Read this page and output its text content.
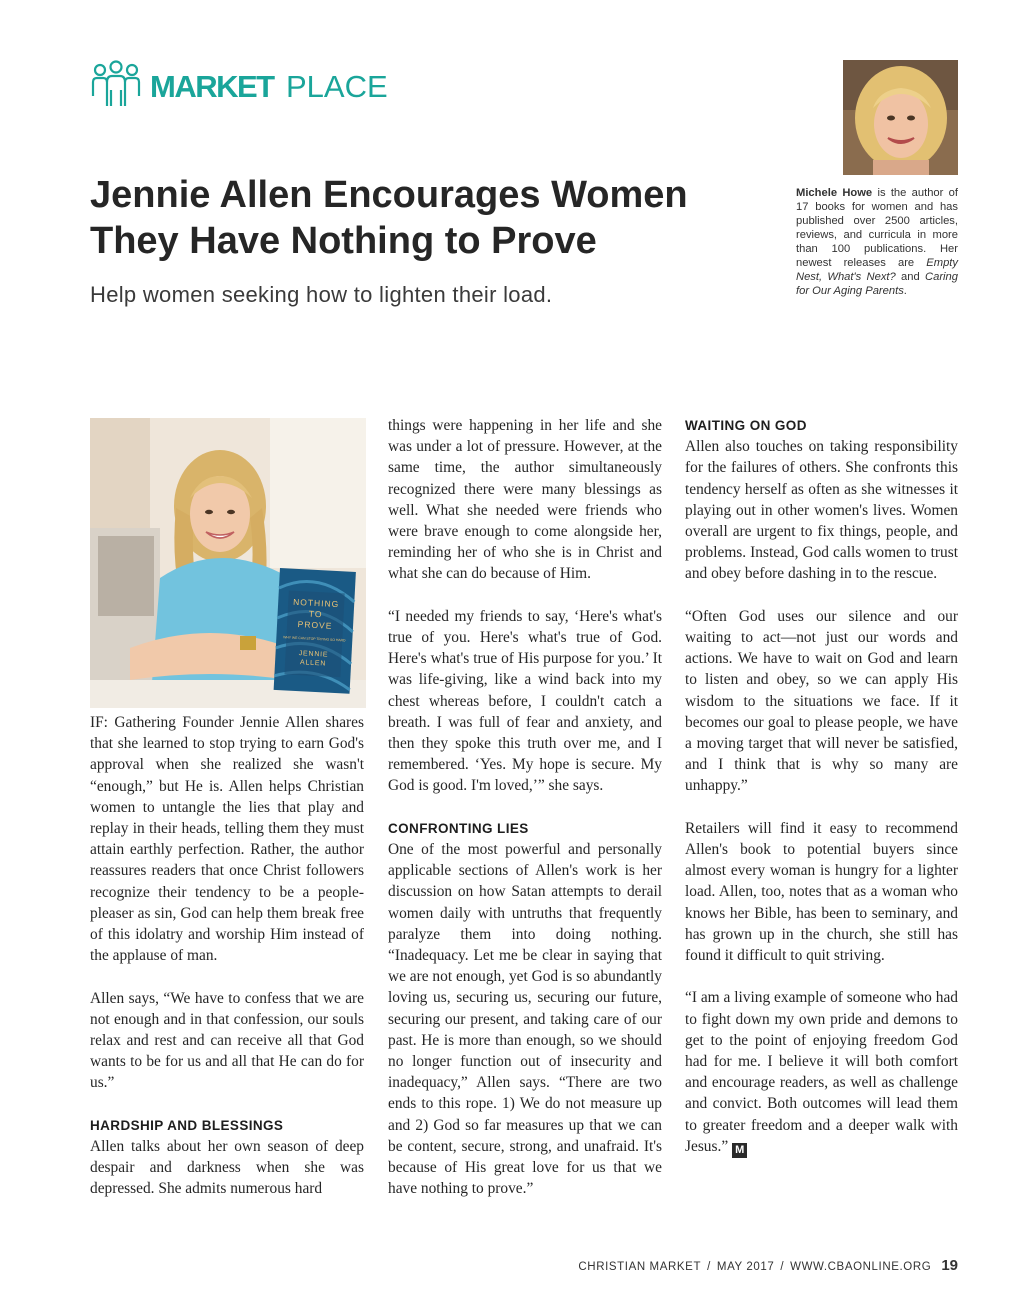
MARKET PLACE
Jennie Allen Encourages Women
They Have Nothing to Prove
Help women seeking how to lighten their load.
Michele Howe is the author of 17 books for women and has published over 2500 articles, reviews, and curricula in more than 100 publications. Her newest releases are Empty Nest, What's Next? and Caring for Our Aging Parents.
NOTHING
TO
PROVE
WHY WE CAN STOP TRYING SO HARD
JENNIE
ALLEN

IF: Gathering Founder Jennie Allen shares that she learned to stop trying to earn God's approval when she realized she wasn't “enough,” but He is. Allen helps Christian women to untangle the lies that play and replay in their heads, telling them they must attain earthly perfection. Rather, the author reassures readers that once Christ followers recognize their tendency to be a people-pleaser as sin, God can help them break free of this idolatry and worship Him instead of the applause of man.

Allen says, “We have to confess that we are not enough and in that confession, our souls relax and rest and can receive all that God wants to be for us and all that He can do for us.”

HARDSHIP AND BLESSINGS

Allen talks about her own season of deep despair and darkness when she was depressed. She admits numerous hard

things were happening in her life and she was under a lot of pressure. However, at the same time, the author simultaneously recognized there were many blessings as well. What she needed were friends who were brave enough to come alongside her, reminding her of who she is in Christ and what she can do because of Him.

“I needed my friends to say, ‘Here's what's true of you. Here's what's true of God. Here's what's true of His purpose for you.’ It was life-giving, like a wind back into my chest whereas before, I couldn't catch a breath. I was full of fear and anxiety, and then they spoke this truth over me, and I remembered. ‘Yes. My hope is secure. My God is good. I'm loved,’” she says.

CONFRONTING LIES

One of the most powerful and personally applicable sections of Allen's work is her discussion on how Satan attempts to derail women daily with untruths that frequently paralyze them into doing nothing. “Inadequacy. Let me be clear in saying that we are not enough, yet God is so abundantly loving us, securing us, securing our future, securing our present, and taking care of our past. He is more than enough, so we should no longer function out of insecurity and inadequacy,” Allen says. “There are two ends to this rope. 1) We do not measure up and 2) God so far measures up that we can be content, secure, strong, and unafraid. It's because of His great love for us that we have nothing to prove.”

WAITING ON GOD

Allen also touches on taking responsibility for the failures of others. She confronts this tendency herself as often as she witnesses it playing out in other women's lives. Women overall are urgent to fix things, people, and problems. Instead, God calls women to trust and obey before dashing in to the rescue.

“Often God uses our silence and our waiting to act—not just our words and actions. We have to wait on God and learn to listen and obey, so we can apply His wisdom to the situations we face. If it becomes our goal to please people, we have a moving target that will never be satisfied, and I think that is why so many are unhappy.”

Retailers will find it easy to recommend Allen's book to potential buyers since almost every woman is hungry for a lighter load. Allen, too, notes that as a woman who knows her Bible, has been to seminary, and has grown up in the church, she still has found it difficult to quit striving.

“I am a living example of someone who had to fight down my own pride and demons to get to the point of enjoying freedom God had for me. I believe it will both comfort and encourage readers, as well as challenge and convict. Both outcomes will lead them to greater freedom and a deeper walk with Jesus.” M

CHRISTIAN MARKET / MAY 2017 / WWW.CBAONLINE.ORG 19
